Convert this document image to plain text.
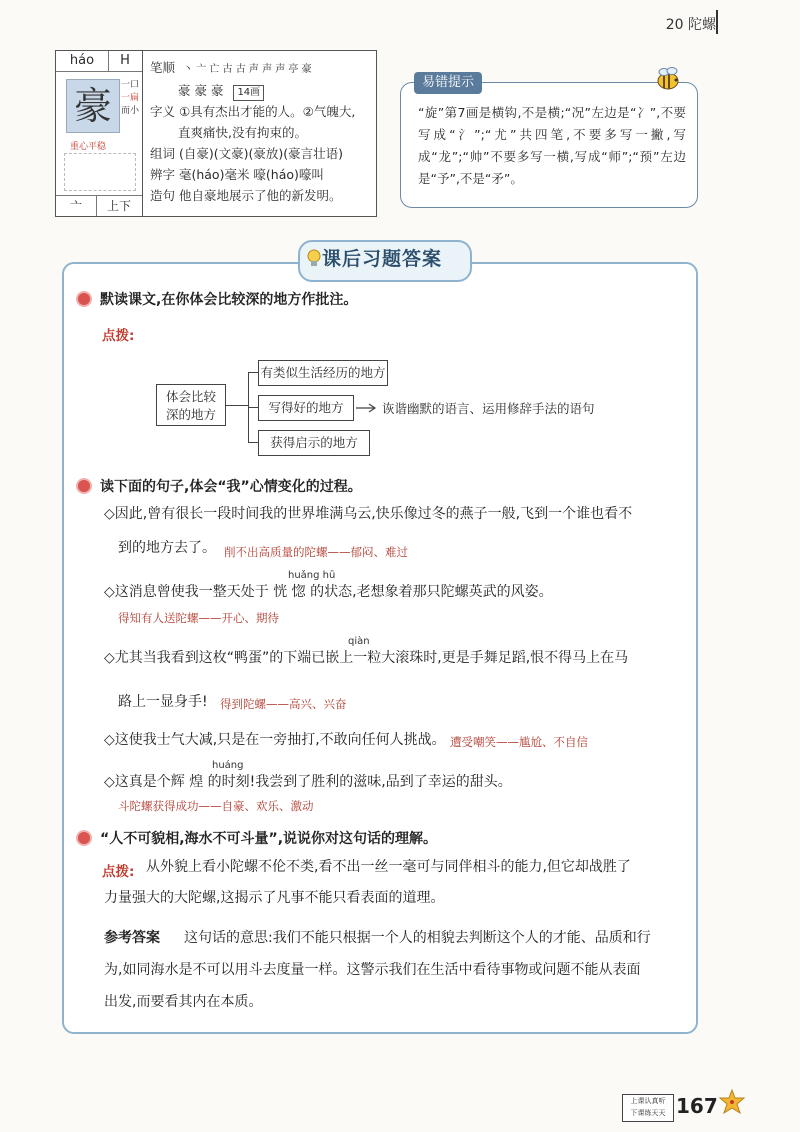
20 陀螺
háo	H
豪 一口
一扁
而小
重心平稳
亠	上下
笔顺 丶 亠 亡 古 古 声 声 声 亭 豪
豪 豪 豪 14画
字义 ①具有杰出才能的人。②气魄大,
直爽痛快,没有拘束的。
组词 (自豪)(文豪)(豪放)(豪言壮语)
辨字 毫(háo)毫米 嚎(háo)嚎叫
造句 他自豪地展示了他的新发明。
易错提示
“旋”第7画是横钩,不是横;“况”左边是“冫”,不要写成“氵”;“尤”共四笔,不要多写一撇,写成“龙”;“帅”不要多写一横,写成“师”;“预”左边是“予”,不是“矛”。
课后习题答案
默读课文,在你体会比较深的地方作批注。
点拨:
体会比较
深的地方
有类似生活经历的地方
写得好的地方
获得启示的地方
诙谐幽默的语言、运用修辞手法的语句
读下面的句子,体会“我”心情变化的过程。
◇因此,曾有很长一段时间我的世界堆满乌云,快乐像过冬的燕子一般,飞到一个谁也看不
到的地方去了。 削不出高质量的陀螺——郁闷、难过
huǎng hū
◇这消息曾使我一整天处于 恍 惚 的状态,老想象着那只陀螺英武的风姿。
得知有人送陀螺——开心、期待
qiàn
◇尤其当我看到这枚“鸭蛋”的下端已嵌上一粒大滚珠时,更是手舞足蹈,恨不得马上在马
路上一显身手! 得到陀螺——高兴、兴奋
◇这使我士气大减,只是在一旁抽打,不敢向任何人挑战。 遭受嘲笑——尴尬、不自信
huáng
◇这真是个辉 煌 的时刻!我尝到了胜利的滋味,品到了幸运的甜头。
斗陀螺获得成功——自豪、欢乐、激动
“人不可貌相,海水不可斗量”,说说你对这句话的理解。
点拨: 从外貌上看小陀螺不伦不类,看不出一丝一毫可与同伴相斗的能力,但它却战胜了
力量强大的大陀螺,这揭示了凡事不能只看表面的道理。
参考答案 这句话的意思:我们不能只根据一个人的相貌去判断这个人的才能、品质和行
为,如同海水是不可以用斗去度量一样。这警示我们在生活中看待事物或问题不能从表面
出发,而要看其内在本质。
上课认真听
下课练天天 167
